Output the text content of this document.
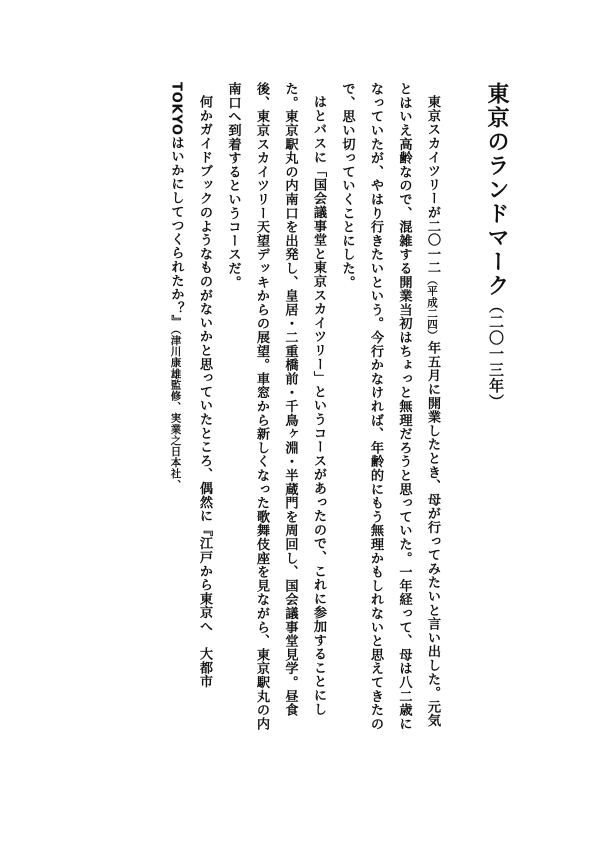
東京のランドマーク（二〇一三年）

東京スカイツリーが二〇一二（平成二四）年五月に開業したとき、母が行ってみたいと言い出した。元気とはいえ高齢なので、混雑する開業当初はちょっと無理だろうと思っていた。一年経って、母は八二歳になっていたが、やはり行きたいという。今行かなければ、年齢的にもう無理かもしれないと思えてきたので、思い切っていくことにした。

はとバスに「国会議事堂と東京スカイツリー」というコースがあったので、これに参加することにした。東京駅丸の内南口を出発し、皇居・二重橋前・千鳥ヶ淵・半蔵門を周回し、国会議事堂見学。昼食後、東京スカイツリー天望デッキからの展望。車窓から新しくなった歌舞伎座を見ながら、東京駅丸の内南口へ到着するというコースだ。

何かガイドブックのようなものがないかと思っていたところ、偶然に『江戸から東京へ　大都市TOKYOはいかにしてつくられたか？』（津川康雄監修、実業之日本社、
